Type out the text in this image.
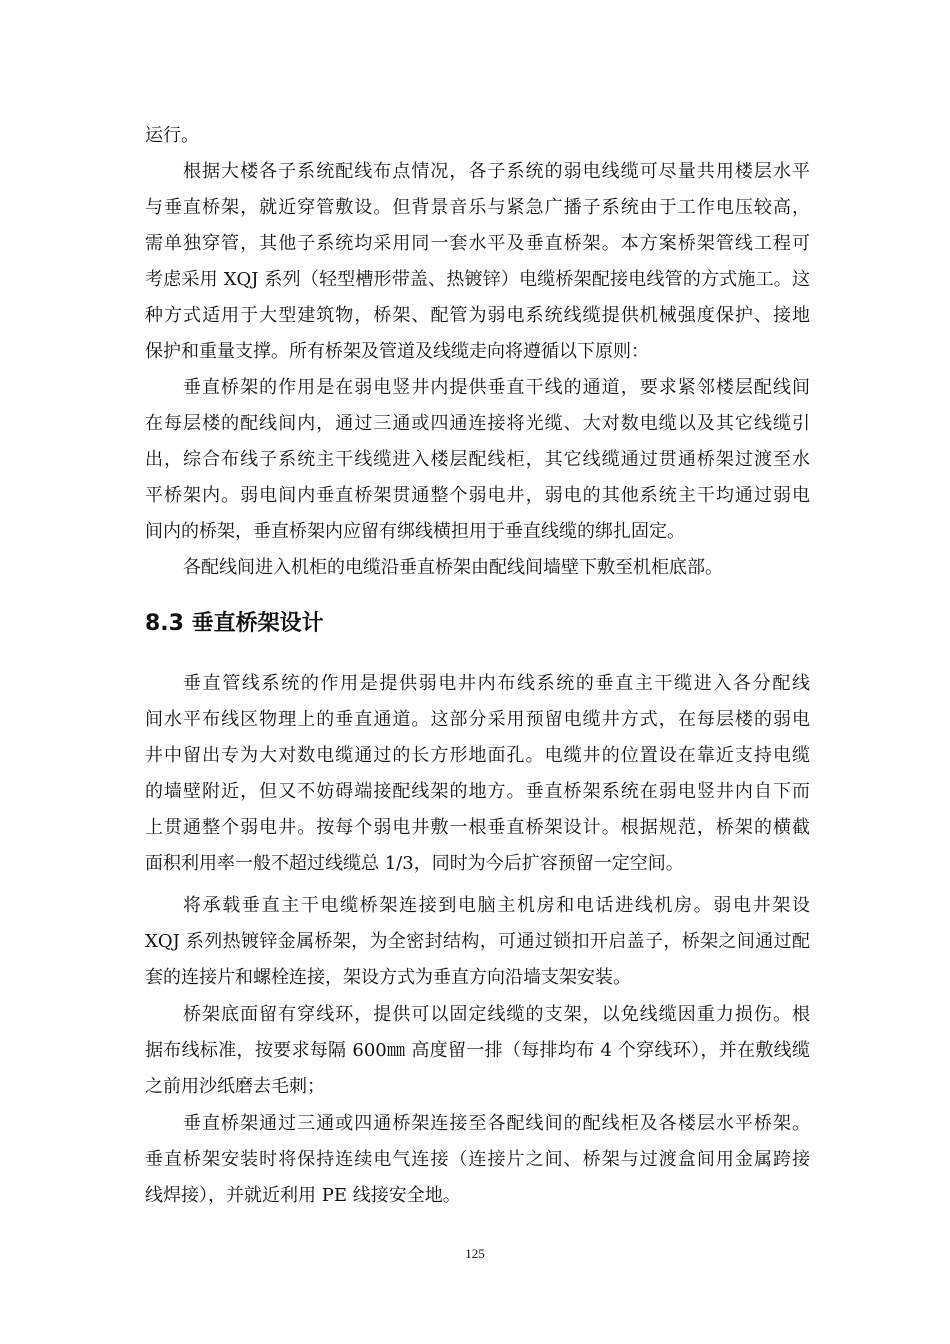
运行。
根据大楼各子系统配线布点情况，各子系统的弱电线缆可尽量共用楼层水平
与垂直桥架，就近穿管敷设。但背景音乐与紧急广播子系统由于工作电压较高，
需单独穿管，其他子系统均采用同一套水平及垂直桥架。本方案桥架管线工程可
考虑采用 XQJ 系列（轻型槽形带盖、热镀锌）电缆桥架配接电线管的方式施工。这
种方式适用于大型建筑物，桥架、配管为弱电系统线缆提供机械强度保护、接地
保护和重量支撑。所有桥架及管道及线缆走向将遵循以下原则：
垂直桥架的作用是在弱电竖井内提供垂直干线的通道，要求紧邻楼层配线间
在每层楼的配线间内，通过三通或四通连接将光缆、大对数电缆以及其它线缆引
出，综合布线子系统主干线缆进入楼层配线柜，其它线缆通过贯通桥架过渡至水
平桥架内。弱电间内垂直桥架贯通整个弱电井，弱电的其他系统主干均通过弱电
间内的桥架，垂直桥架内应留有绑线横担用于垂直线缆的绑扎固定。
各配线间进入机柜的电缆沿垂直桥架由配线间墙壁下敷至机柜底部。
8.3 垂直桥架设计
垂直管线系统的作用是提供弱电井内布线系统的垂直主干缆进入各分配线
间水平布线区物理上的垂直通道。这部分采用预留电缆井方式，在每层楼的弱电
井中留出专为大对数电缆通过的长方形地面孔。电缆井的位置设在靠近支持电缆
的墙壁附近，但又不妨碍端接配线架的地方。垂直桥架系统在弱电竖井内自下而
上贯通整个弱电井。按每个弱电井敷一根垂直桥架设计。根据规范，桥架的横截
面积利用率一般不超过线缆总 1/3，同时为今后扩容预留一定空间。
将承载垂直主干电缆桥架连接到电脑主机房和电话进线机房。弱电井架设
XQJ 系列热镀锌金属桥架，为全密封结构，可通过锁扣开启盖子，桥架之间通过配
套的连接片和螺栓连接，架设方式为垂直方向沿墙支架安装。
桥架底面留有穿线环，提供可以固定线缆的支架，以免线缆因重力损伤。根
据布线标准，按要求每隔 600㎜ 高度留一排（每排均布 4 个穿线环），并在敷线缆
之前用沙纸磨去毛刺；
垂直桥架通过三通或四通桥架连接至各配线间的配线柜及各楼层水平桥架。
垂直桥架安装时将保持连续电气连接（连接片之间、桥架与过渡盒间用金属跨接
线焊接），并就近利用 PE 线接安全地。
125
